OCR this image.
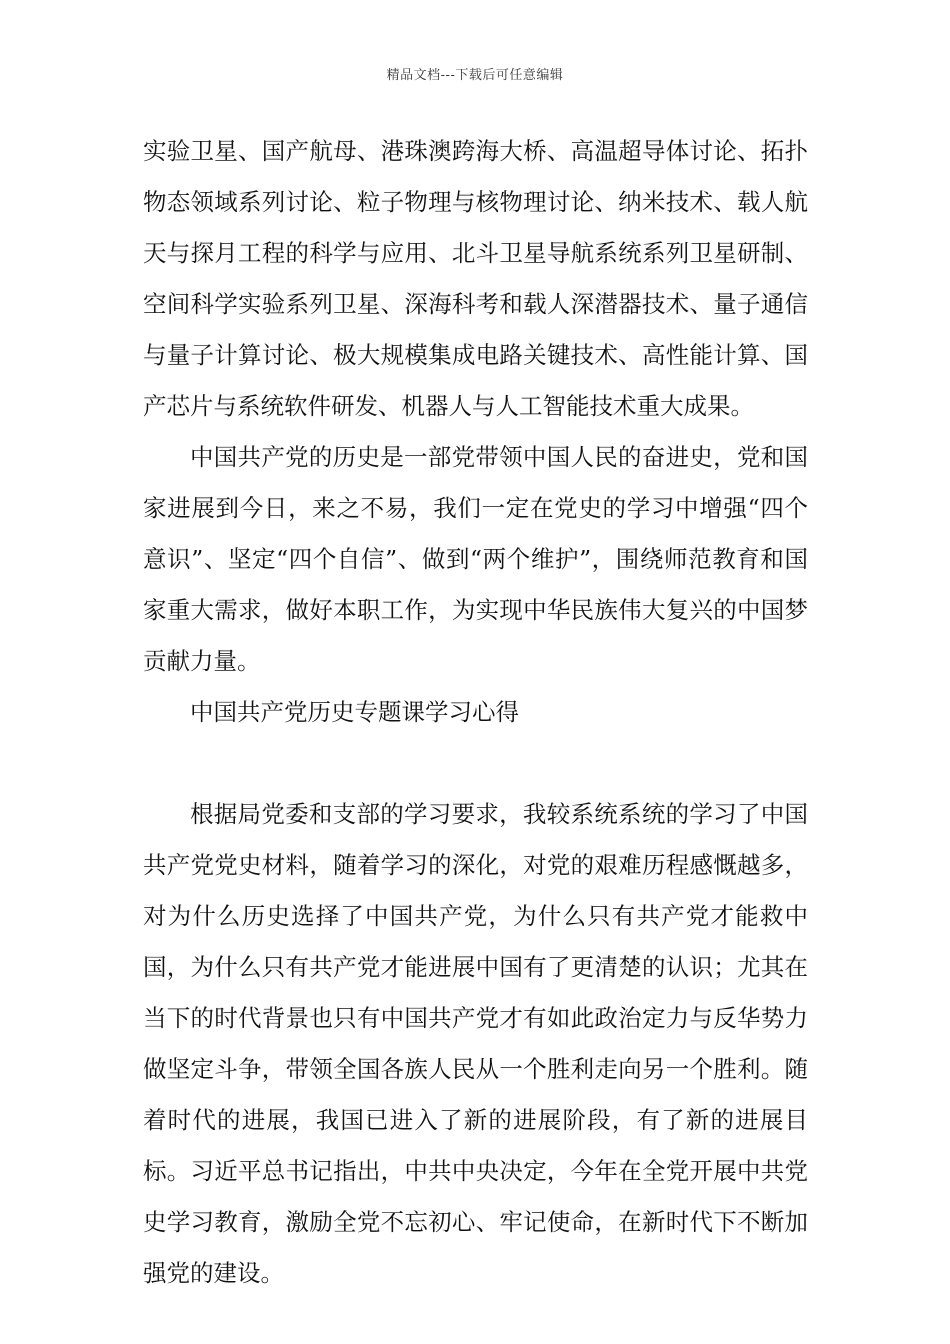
精品文档---下载后可任意编辑

实验卫星、国产航母、港珠澳跨海大桥、高温超导体讨论、拓扑物态领域系列讨论、粒子物理与核物理讨论、纳米技术、载人航天与探月工程的科学与应用、北斗卫星导航系统系列卫星研制、空间科学实验系列卫星、深海科考和载人深潜器技术、量子通信与量子计算讨论、极大规模集成电路关键技术、高性能计算、国产芯片与系统软件研发、机器人与人工智能技术重大成果。

中国共产党的历史是一部党带领中国人民的奋进史，党和国家进展到今日，来之不易，我们一定在党史的学习中增强“四个意识”、坚定“四个自信”、做到“两个维护”，围绕师范教育和国家重大需求，做好本职工作，为实现中华民族伟大复兴的中国梦贡献力量。

中国共产党历史专题课学习心得

根据局党委和支部的学习要求，我较系统系统的学习了中国共产党党史材料，随着学习的深化，对党的艰难历程感慨越多，对为什么历史选择了中国共产党，为什么只有共产党才能救中国，为什么只有共产党才能进展中国有了更清楚的认识；尤其在当下的时代背景也只有中国共产党才有如此政治定力与反华势力做坚定斗争，带领全国各族人民从一个胜利走向另一个胜利。随着时代的进展，我国已进入了新的进展阶段，有了新的进展目标。习近平总书记指出，中共中央决定，今年在全党开展中共党史学习教育，激励全党不忘初心、牢记使命，在新时代下不断加强党的建设。
